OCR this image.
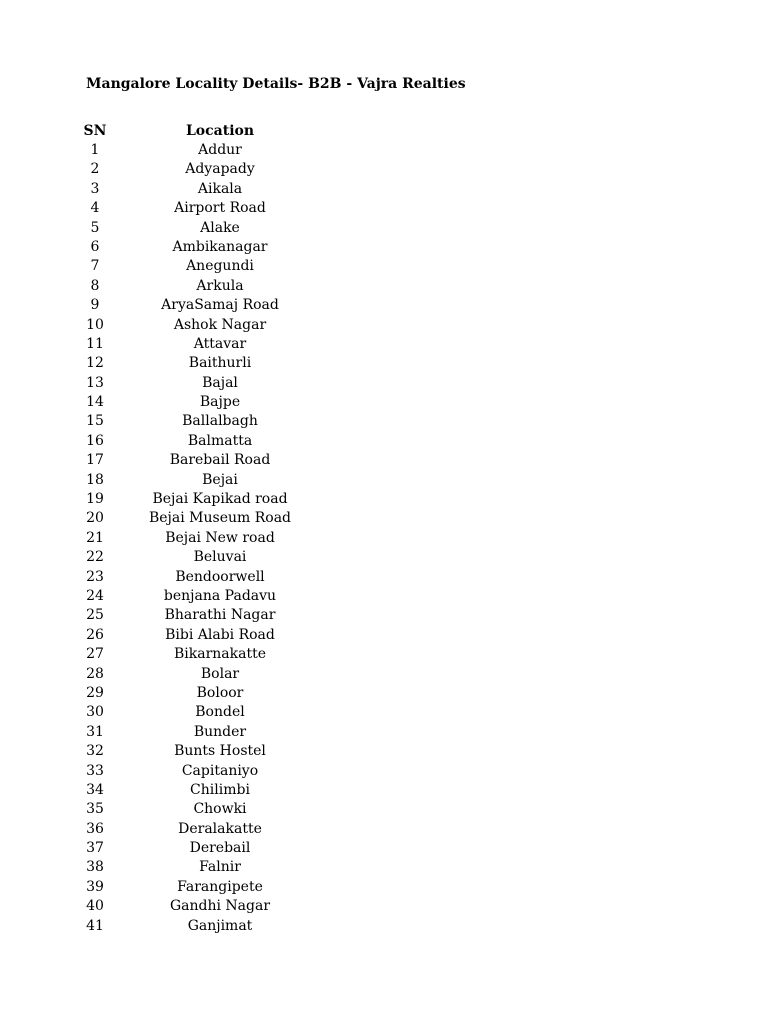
Mangalore Locality Details- B2B - Vajra Realties
SN	Location
1	Addur
2	Adyapady
3	Aikala
4	Airport Road
5	Alake
6	Ambikanagar
7	Anegundi
8	Arkula
9	AryaSamaj Road
10	Ashok Nagar
11	Attavar
12	Baithurli
13	Bajal
14	Bajpe
15	Ballalbagh
16	Balmatta
17	Barebail Road
18	Bejai
19	Bejai Kapikad road
20	Bejai Museum Road
21	Bejai New road
22	Beluvai
23	Bendoorwell
24	benjana Padavu
25	Bharathi Nagar
26	Bibi Alabi Road
27	Bikarnakatte
28	Bolar
29	Boloor
30	Bondel
31	Bunder
32	Bunts Hostel
33	Capitaniyo
34	Chilimbi
35	Chowki
36	Deralakatte
37	Derebail
38	Falnir
39	Farangipete
40	Gandhi Nagar
41	Ganjimat
